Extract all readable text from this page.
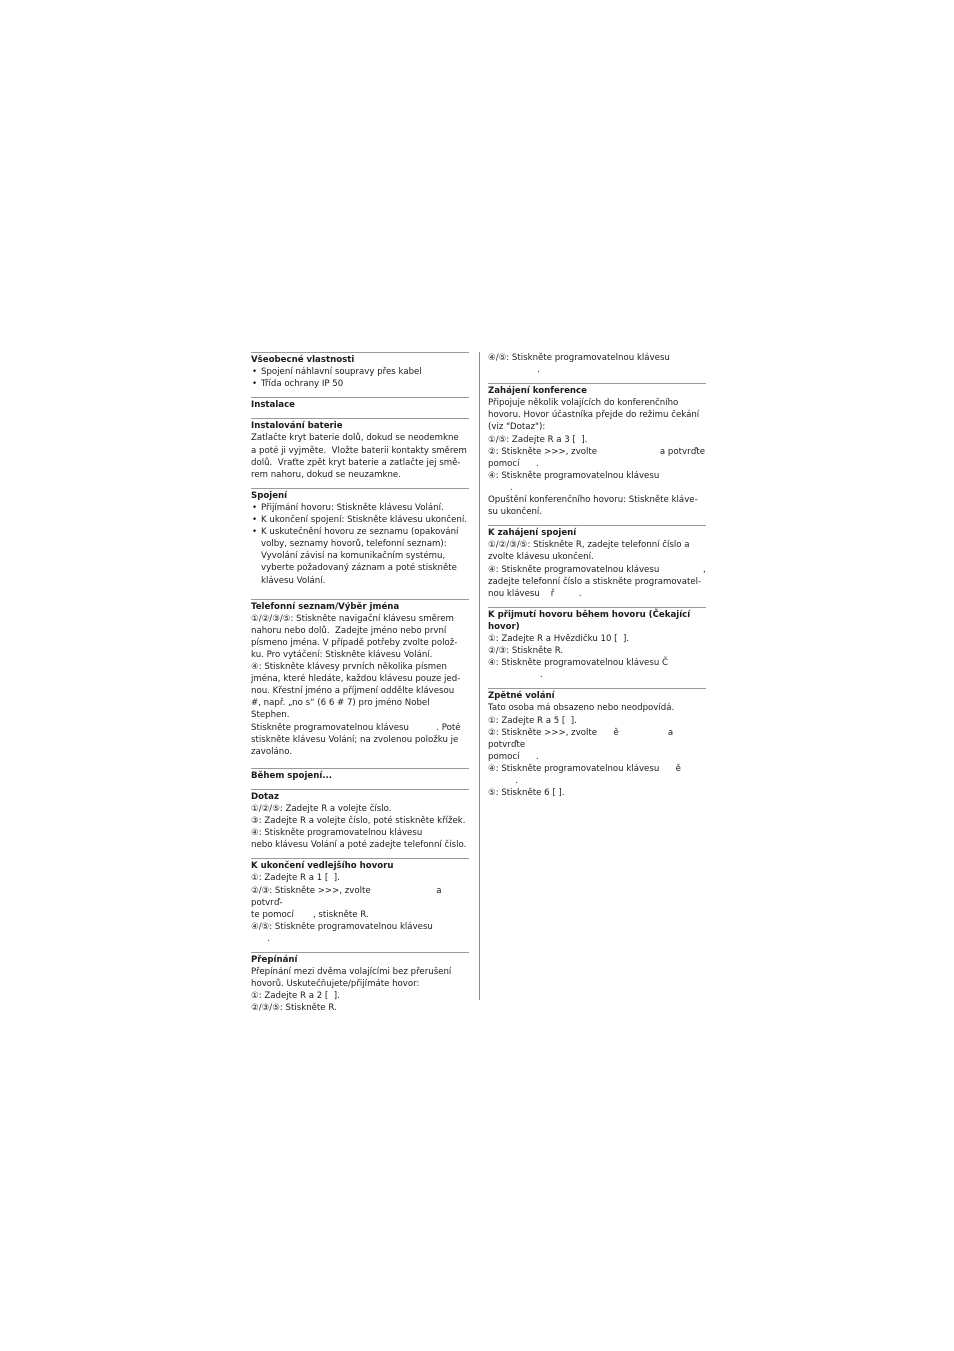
Všeobecné vlastnosti
• Spojení náhlavní soupravy přes kabel
• Třída ochrany IP 50
Instalace
Instalování baterie
Zatlačte kryt baterie dolů, dokud se neodemkne
a poté ji vyjměte.  Vložte baterii kontakty směrem
dolů.  Vraťte zpět kryt baterie a zatlačte jej smě-
rem nahoru, dokud se neuzamkne.
Spojení
• Přijímání hovoru: Stiskněte klávesu Volání.
• K ukončení spojení: Stiskněte klávesu ukončení.
• K uskutečnění hovoru ze seznamu (opakování
volby, seznamy hovorů, telefonní seznam):
Vyvolání závisí na komunikačním systému,
vyberte požadovaný záznam a poté stiskněte
klávesu Volání.
Telefonní seznam/Výběr jména
①/②/③/⑤: Stiskněte navigační klávesu směrem
nahoru nebo dolů.  Zadejte jméno nebo první
písmeno jména. V případě potřeby zvolte polož-
ku. Pro vytáčení: Stiskněte klávesu Volání.
④: Stiskněte klávesy prvních několika písmen
jména, které hledáte, každou klávesu pouze jed-
nou. Křestní jméno a příjmení oddělte klávesou
#, např. „no s“ (6 6 # 7) pro jméno Nobel Stephen.
Stiskněte programovatelnou klávesu          . Poté
stiskněte klávesu Volání; na zvolenou položku je
zavoláno.
Během spojení...
Dotaz
①/②/⑤: Zadejte R a volejte číslo.
③: Zadejte R a volejte číslo, poté stiskněte křížek.
④: Stiskněte programovatelnou klávesu
nebo klávesu Volání a poté zadejte telefonní číslo.
K ukončení vedlejšího hovoru
①: Zadejte R a 1 [  ].
②/③: Stiskněte >>>, zvolte                        a potvrď-
te pomocí       , stiskněte R.
④/⑤: Stiskněte programovatelnou klávesu
.
Přepínání
Přepínání mezi dvěma volajícími bez přerušení
hovorů. Uskutečňujete/přijímáte hovor:
①: Zadejte R a 2 [  ].
②/③/⑤: Stiskněte R.
④/⑤: Stiskněte programovatelnou klávesu
.
Zahájení konference
Připojuje několik volajících do konferenčního
hovoru. Hovor účastníka přejde do režimu čekání
(viz "Dotaz"):
①/⑤: Zadejte R a 3 [  ].
②: Stiskněte >>>, zvolte                       a potvrďte
pomocí      .
④: Stiskněte programovatelnou klávesu
.
Opuštění konferenčního hovoru: Stiskněte kláve-
su ukončení.
K zahájení spojení
①/②/③/⑤: Stiskněte R, zadejte telefonní číslo a
zvolte klávesu ukončení.
④: Stiskněte programovatelnou klávesu                ,
zadejte telefonní číslo a stiskněte programovatel-
nou klávesu    ř         .
K přijmutí hovoru během hovoru (Čekající
hovor)
①: Zadejte R a Hvězdičku 10 [  ].
②/③: Stiskněte R.
④: Stiskněte programovatelnou klávesu Č
.
Zpětné volání
Tato osoba má obsazeno nebo neodpovídá.
①: Zadejte R a 5 [  ].
②: Stiskněte >>>, zvolte      ě                  a potvrďte
pomocí      .
④: Stiskněte programovatelnou klávesu      ě
.
⑤: Stiskněte 6 [ ].
